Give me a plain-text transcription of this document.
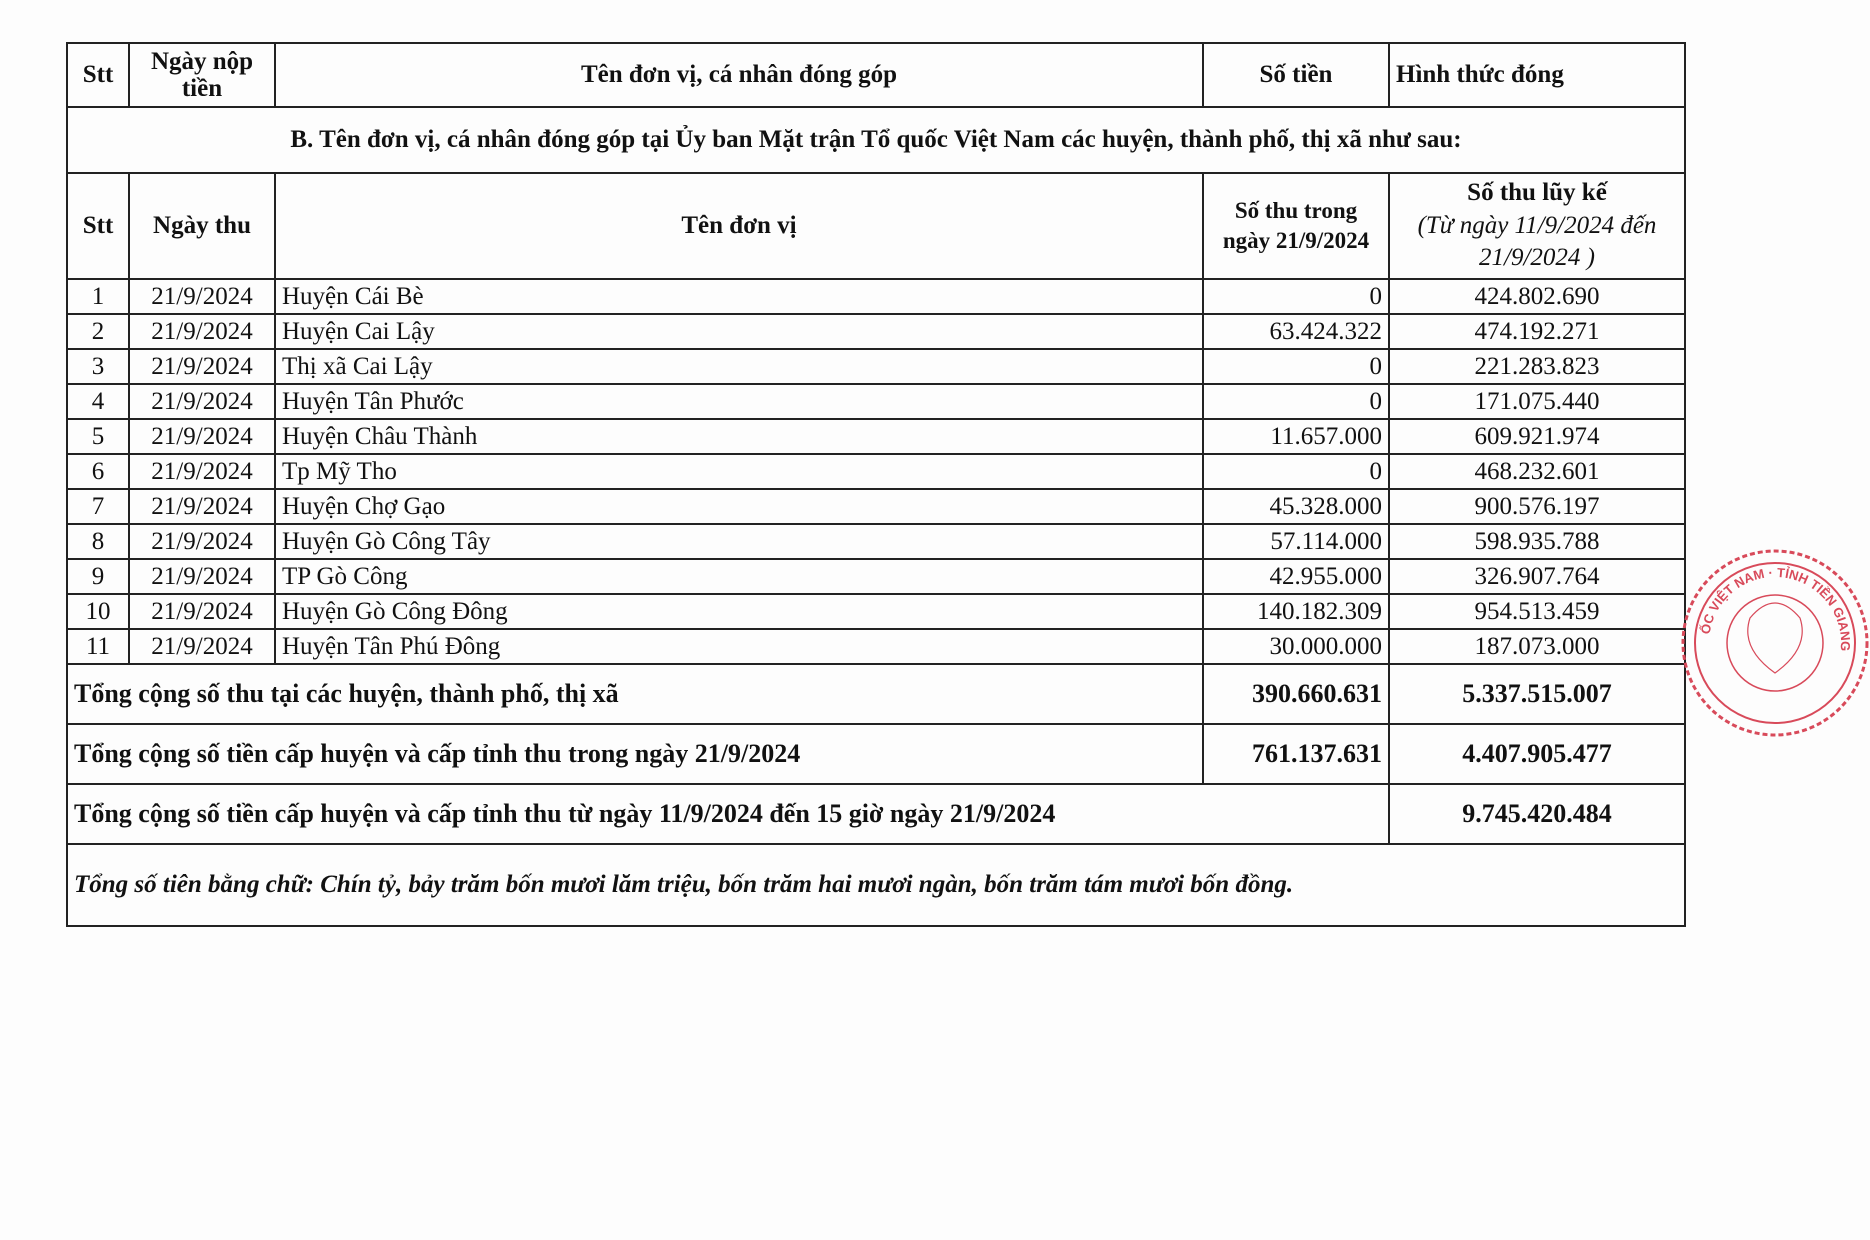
Stt	Ngày nộp tiền	Tên đơn vị, cá nhân đóng góp	Số tiền	Hình thức đóng
B. Tên đơn vị, cá nhân đóng góp tại Ủy ban Mặt trận Tổ quốc Việt Nam các huyện, thành phố, thị xã như sau:				
Stt	Ngày thu	Tên đơn vị	Số thu trong ngày 21/9/2024	Số thu lũy kế
(Từ ngày 11/9/2024 đến 21/9/2024 )
1	21/9/2024	Huyện Cái Bè	0	424.802.690
2	21/9/2024	Huyện Cai Lậy	63.424.322	474.192.271
3	21/9/2024	Thị xã Cai Lậy	0	221.283.823
4	21/9/2024	Huyện Tân Phước	0	171.075.440
5	21/9/2024	Huyện Châu Thành	11.657.000	609.921.974
6	21/9/2024	Tp Mỹ Tho	0	468.232.601
7	21/9/2024	Huyện Chợ Gạo	45.328.000	900.576.197
8	21/9/2024	Huyện Gò Công Tây	57.114.000	598.935.788
9	21/9/2024	TP Gò Công	42.955.000	326.907.764
10	21/9/2024	Huyện Gò Công Đông	140.182.309	954.513.459
11	21/9/2024	Huyện Tân Phú Đông	30.000.000	187.073.000
Tổng cộng số thu tại các huyện, thành phố, thị xã			390.660.631	5.337.515.007
Tổng cộng số tiền cấp huyện và cấp tỉnh thu trong ngày 21/9/2024			761.137.631	4.407.905.477
Tổng cộng số tiền cấp huyện và cấp tỉnh thu từ ngày 11/9/2024 đến 15 giờ ngày 21/9/2024				9.745.420.484
Tổng số tiên bằng chữ: Chín tỷ, bảy trăm bốn mươi lăm triệu, bốn trăm hai mươi ngàn, bốn trăm tám mươi bốn đồng.				
ỐC VIỆT NAM · TỈNH TIỀN GIANG
